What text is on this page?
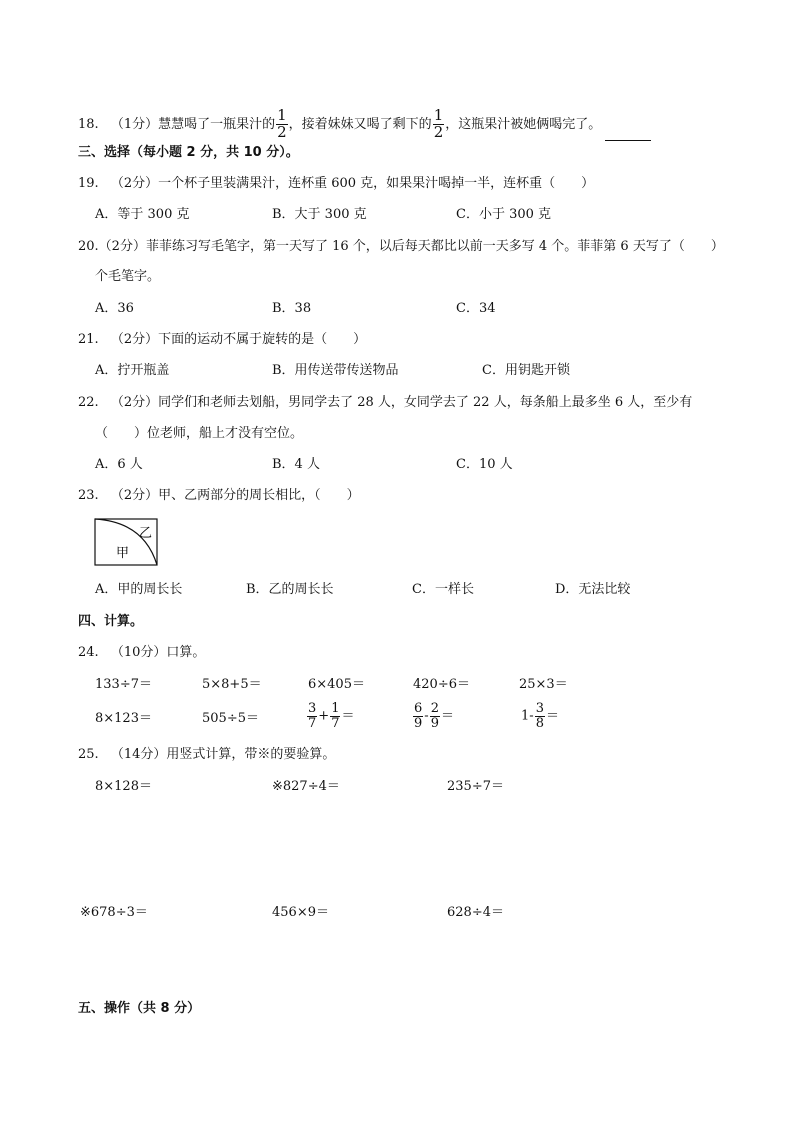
18. （1分）慧慧喝了一瓶果汁的 $\frac{1}{2}$ ，接着妹妹又喝了剩下的 $\frac{1}{2}$ ，这瓶果汁被她俩喝完了。
三、选择（每小题 2 分，共 10 分）。
19. （2分）一个杯子里装满果汁，连杯重 600 克，如果果汁喝掉一半，连杯重（　　）
A．等于 300 克	B．大于 300 克	C．小于 300 克
20.（2分）菲菲练习写毛笔字，第一天写了 16 个，以后每天都比以前一天多写 4 个。菲菲第 6 天写了（　　）
个毛笔字。
A．36	B．38	C．34
21. （2分）下面的运动不属于旋转的是（　　）
A．拧开瓶盖	B．用传送带传送物品	C．用钥匙开锁
22. （2分）同学们和老师去划船，男同学去了 28 人，女同学去了 22 人，每条船上最多坐 6 人，至少有
（　　）位老师，船上才没有空位。
A．6 人	B．4 人	C．10 人
23. （2分）甲、乙两部分的周长相比，（　　）
甲
乙
A．甲的周长长	B．乙的周长长	C．一样长	D．无法比较
四、计算。
24. （10分）口算。
133÷7＝	5×8+5＝	6×405＝	420÷6＝	25×3＝
8×123＝	505÷5＝	$\frac{3}{7} + \frac{1}{7}$ ＝	$\frac{6}{9} - \frac{2}{9}$ ＝	$1- \frac{3}{8}$ ＝
25. （14分）用竖式计算，带※的要验算。
8×128＝	※827÷4＝	235÷7＝
※678÷3＝	456×9＝	628÷4＝
五、操作（共 8 分）
